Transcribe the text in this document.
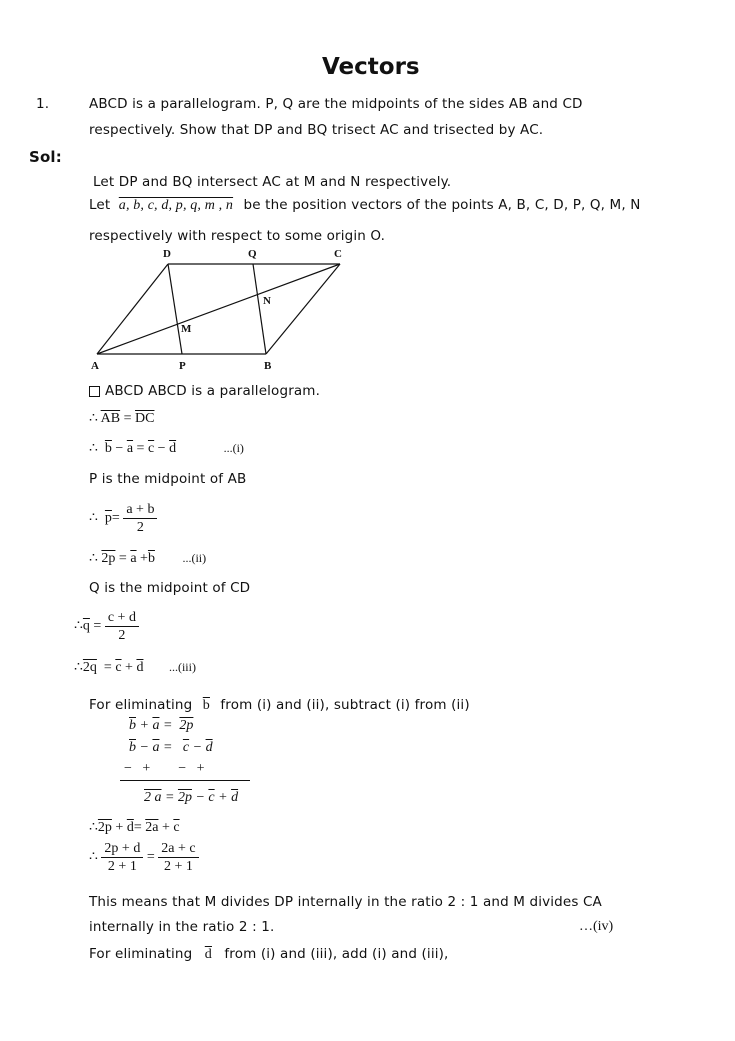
Vectors
1.	ABCD is a parallelogram. P, Q are the midpoints of the sides AB and CD
respectively. Show that DP and BQ trisect AC and trisected by AC.
Sol:
Let DP and BQ intersect AC at M and N respectively.
Let a, b, c, d, p, q, m , n be the position vectors of the points A, B, C, D, P, Q, M, N
respectively with respect to some origin O.
A	B
C
D
P
Q
M
N
ABCD ABCD is a parallelogram.
∴ $\overline{AB} = \overline{DC}$
∴ $\overline{b} - \overline{a} = \overline{c} - \overline{d}$	...(i)
P is the midpoint of AB
∴ $\overline{p}= \frac{a + b}{2}$
∴ $2p = \overline{a} +\overline{b}$ ...(ii)
Q is the midpoint of CD
$\therefore\overline{q} = \frac{c + d}{2}$
∴2q = $\overline{c} + \overline{d}$ ...(iii)
For eliminating $\overline{b}$ from (i) and (ii), subtract (i) from (ii)
$\overline{b} + \overline{a} = 2p$
$\overline{b} - \overline{a} = \overline{c} - \overline{d}$
−   +        −   +
2 $a = 2p - \overline{c} + \overline{d}$
∴2p + $\overline{d}= 2a + \overline{c}$
∴ $\frac{2p + d}{2 + 1} = \frac{2a + c}{2 + 1}$
This means that M divides DP internally in the ratio 2 : 1 and M divides CA
internally in the ratio 2 : 1.	…(iv)
For eliminating $\overline{d}$ from (i) and (iii), add (i) and (iii),
